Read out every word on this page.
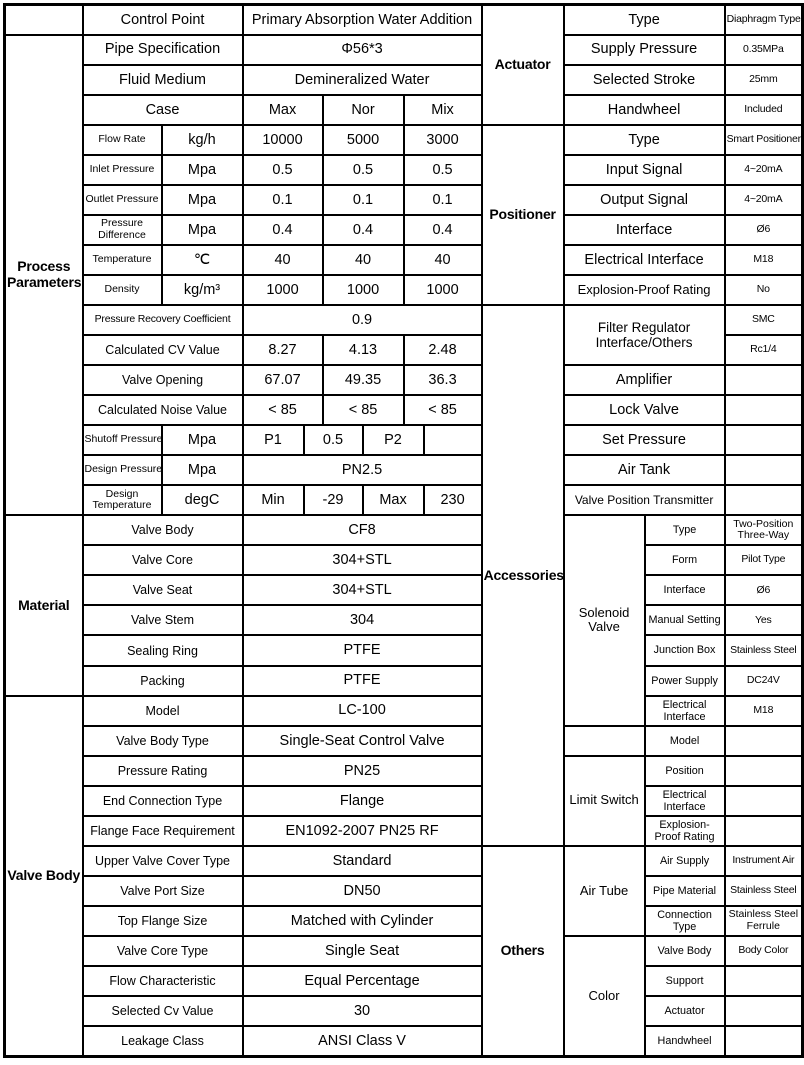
	Control Point		Primary Absorption Water Addition						Actuator	Type		Diaphragm Type
Process Parameters	Pipe Specification		Φ56*3							Supply Pressure		0.35MPa
	Fluid Medium		Demineralized Water							Selected Stroke		25mm
	Case		Max		Nor		Mix			Handwheel		Included
	Flow Rate	kg/h	10000		5000		3000		Positioner	Type		Smart Positioner
	Inlet Pressure	Mpa	0.5		0.5		0.5			Input Signal		4~20mA
	Outlet Pressure	Mpa	0.1		0.1		0.1			Output Signal		4~20mA
	Pressure Difference	Mpa	0.4		0.4		0.4			Interface		Ø6
	Temperature	℃	40		40		40			Electrical Interface		M18
	Density	kg/m³	1000		1000		1000			Explosion-Proof Rating		No
	Pressure Recovery Coefficient		0.9						Accessories	Filter Regulator Interface/Others		SMC
	Calculated CV Value		8.27		4.13		2.48					Rc1/4
	Valve Opening		67.07		49.35		36.3			Amplifier		
	Calculated Noise Value		< 85		< 85		< 85			Lock Valve		
	Shutoff Pressure	Mpa	P1	0.5		P2				Set Pressure		
	Design Pressure	Mpa	PN2.5							Air Tank		
	Design Temperature	degC	Min	-29		Max		230		Valve Position Transmitter		
Material	Valve Body		CF8							Solenoid Valve	Type	Two-Position Three-Way
	Valve Core		304+STL								Form	Pilot Type
	Valve Seat		304+STL								Interface	Ø6
	Valve Stem		304								Manual Setting	Yes
	Sealing Ring		PTFE								Junction Box	Stainless Steel
	Packing		PTFE								Power Supply	DC24V
Valve Body	Model		LC-100								Electrical Interface	M18
	Valve Body Type		Single-Seat Control Valve								Model	
	Pressure Rating		PN25							Limit Switch	Position	
	End Connection Type		Flange								Electrical Interface	
	Flange Face Requirement		EN1092-2007 PN25 RF								Explosion-Proof Rating	
	Upper Valve Cover Type		Standard						Others	Air Tube	Air Supply	Instrument Air
	Valve Port Size		DN50								Pipe Material	Stainless Steel
	Top Flange Size		Matched with Cylinder								Connection Type	Stainless Steel Ferrule
	Valve Core Type		Single Seat							Color	Valve Body	Body Color
	Flow Characteristic		Equal Percentage								Support	
	Selected Cv Value		30								Actuator	
	Leakage Class		ANSI Class V								Handwheel	
